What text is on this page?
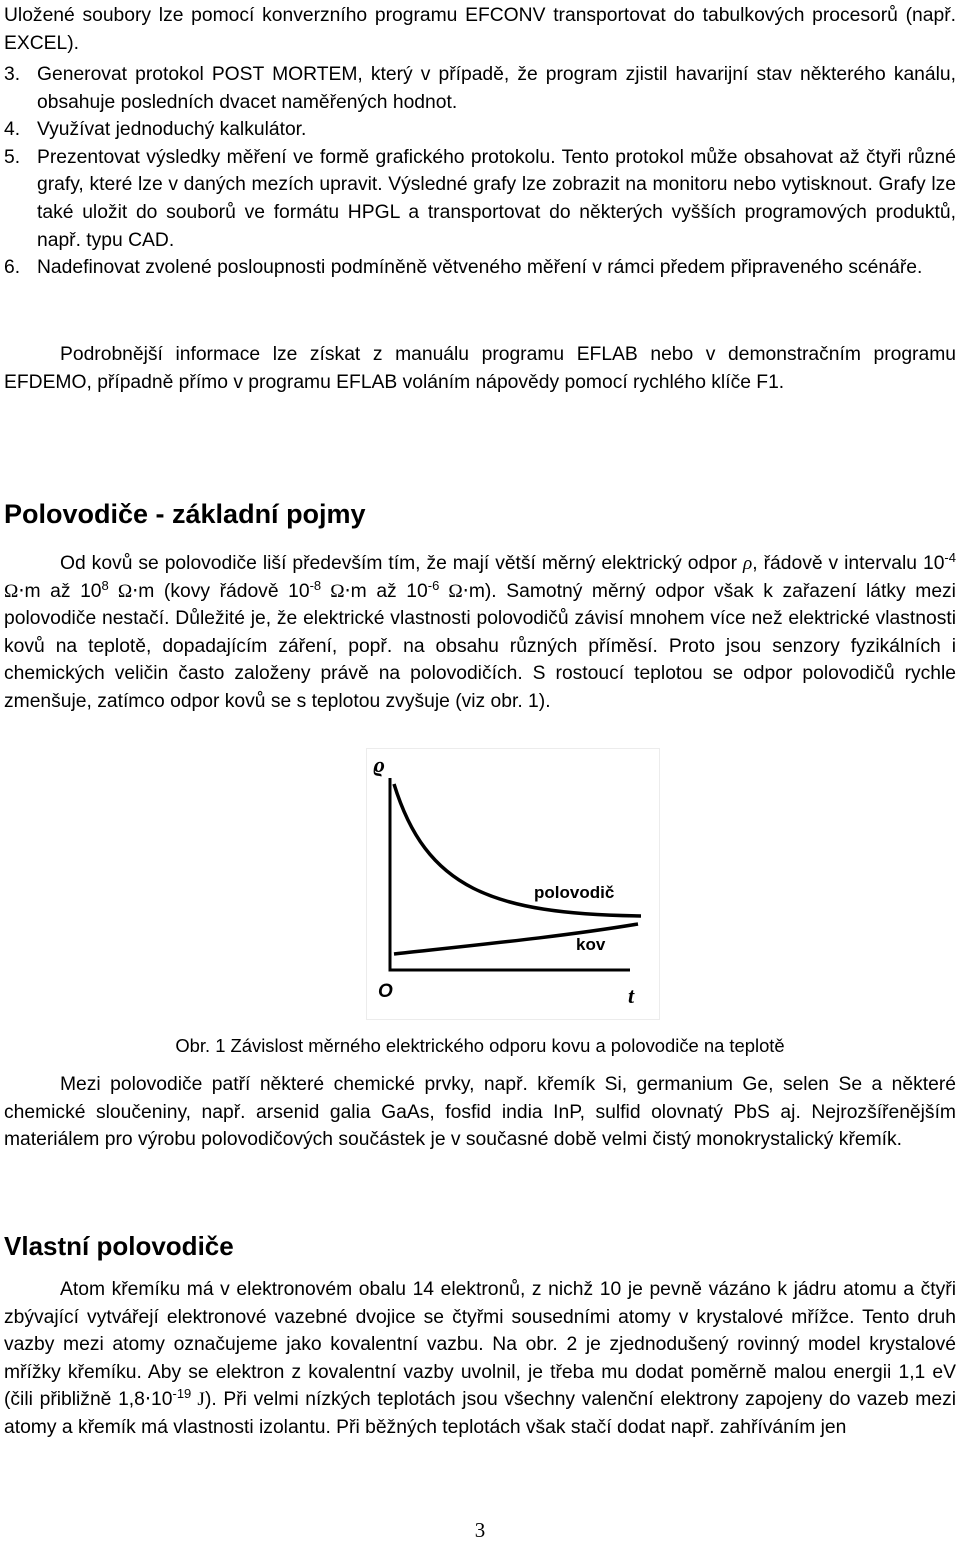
Uložené soubory lze pomocí konverzního programu EFCONV transportovat do tabulkových procesorů (např. EXCEL).

3. Generovat protokol POST MORTEM, který v případě, že program zjistil havarijní stav některého kanálu, obsahuje posledních dvacet naměřených hodnot.

4. Využívat jednoduchý kalkulátor.

5. Prezentovat výsledky měření ve formě grafického protokolu. Tento protokol může obsahovat až čtyři různé grafy, které lze v daných mezích upravit. Výsledné grafy lze zobrazit na monitoru nebo vytisknout. Grafy lze také uložit do souborů ve formátu HPGL a transportovat do některých vyšších programových produktů, např. typu CAD.

6. Nadefinovat zvolené posloupnosti podmíněně větveného měření v rámci předem připraveného scénáře.

Podrobnější informace lze získat z manuálu programu EFLAB nebo v demonstračním programu EFDEMO, případně přímo v programu EFLAB voláním nápovědy pomocí rychlého klíče F1.

Polovodiče - základní pojmy

Od kovů se polovodiče liší především tím, že mají větší měrný elektrický odpor ρ, řádově v intervalu $10^{-4}$ Ω⋅m až $10^8$ Ω⋅m (kovy řádově $10^{-8}$ Ω⋅m až $10^{-6}$ Ω⋅m). Samotný měrný odpor však k zařazení látky mezi polovodiče nestačí. Důležité je, že elektrické vlastnosti polovodičů závisí mnohem více než elektrické vlastnosti kovů na teplotě, dopadajícím záření, popř. na obsahu různých příměsí. Proto jsou senzory fyzikálních i chemických veličin často založeny právě na polovodičích. S rostoucí teplotou se odpor polovodičů rychle zmenšuje, zatímco odpor kovů se s teplotou zvyšuje (viz obr. 1).

ϱ
t
O
polovodič
kov

Obr. 1 Závislost měrného elektrického odporu kovu a polovodiče na teplotě

Mezi polovodiče patří některé chemické prvky, např. křemík Si, germanium Ge, selen Se a některé chemické sloučeniny, např. arsenid galia GaAs, fosfid india InP, sulfid olovnatý PbS aj. Nejrozšířenějším materiálem pro výrobu polovodičových součástek je v současné době velmi čistý monokrystalický křemík.

Vlastní polovodiče

Atom křemíku má v elektronovém obalu 14 elektronů, z nichž 10 je pevně vázáno k jádru atomu a čtyři zbývající vytvářejí elektronové vazebné dvojice se čtyřmi sousedními atomy v krystalové mřížce. Tento druh vazby mezi atomy označujeme jako kovalentní vazbu. Na obr. 2 je zjednodušený rovinný model krystalové mřížky křemíku. Aby se elektron z kovalentní vazby uvolnil, je třeba mu dodat poměrně malou energii 1,1 eV (čili přibližně $1,8\cdot 10^{-19}$ J). Při velmi nízkých teplotách jsou všechny valenční elektrony zapojeny do vazeb mezi atomy a křemík má vlastnosti izolantu. Při běžných teplotách však stačí dodat např. zahříváním jen

3
